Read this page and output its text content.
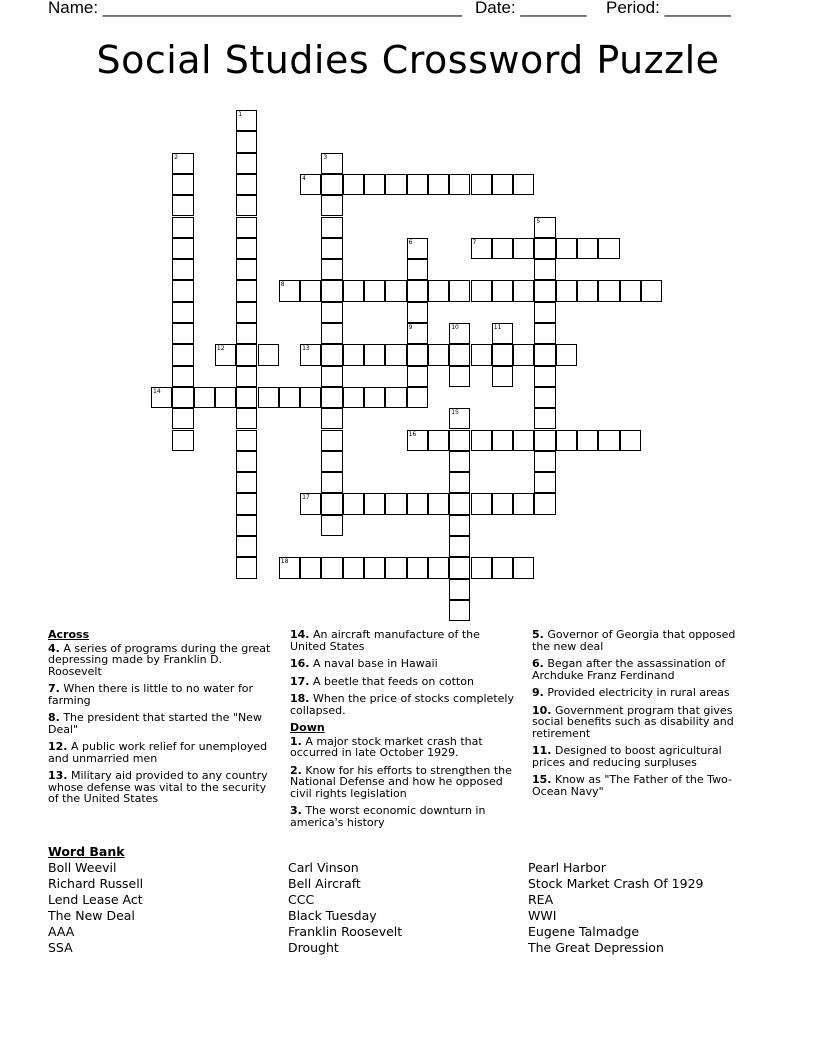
Name: ______________________________________ Date: _______ Period: _______
Social Studies Crossword Puzzle
1
2	3
4
5
6	7
8
9	10	11
12	13
14
15
16
17
18
Across
4. A series of programs during the great depressing made by Franklin D. Roosevelt
7. When there is little to no water for farming
8. The president that started the "New Deal"
12. A public work relief for unemployed and unmarried men
13. Military aid provided to any country whose defense was vital to the security of the United States
14. An aircraft manufacture of the United States
16. A naval base in Hawaii
17. A beetle that feeds on cotton
18. When the price of stocks completely collapsed.
Down
1. A major stock market crash that occurred in late October 1929.
2. Know for his efforts to strengthen the National Defense and how he opposed civil rights legislation
3. The worst economic downturn in america's history
5. Governor of Georgia that opposed the new deal
6. Began after the assassination of Archduke Franz Ferdinand
9. Provided electricity in rural areas
10. Government program that gives social benefits such as disability and retirement
11. Designed to boost agricultural prices and reducing surpluses
15. Know as "The Father of the Two-Ocean Navy"
Word Bank
Boll Weevil
Richard Russell
Lend Lease Act
The New Deal
AAA
SSA
Carl Vinson
Bell Aircraft
CCC
Black Tuesday
Franklin Roosevelt
Drought
Pearl Harbor
Stock Market Crash Of 1929
REA
WWI
Eugene Talmadge
The Great Depression
